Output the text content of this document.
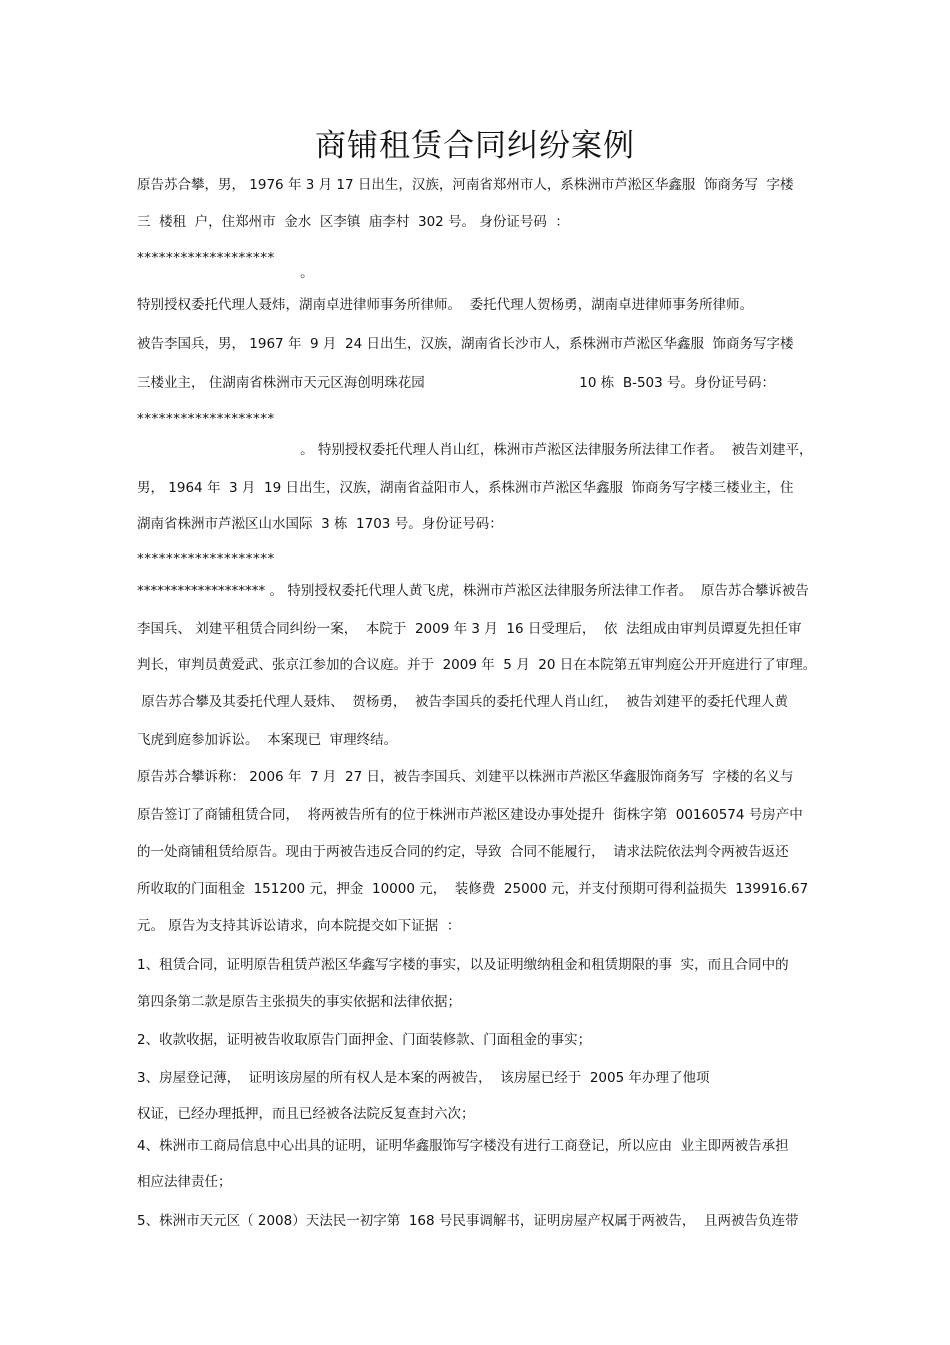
商铺租赁合同纠纷案例
原告苏合攀，男， 1976 年 3 月 17 日出生，汉族，河南省郑州市人，系株洲市芦淞区华鑫服  饰商务写  字楼
三  楼租  户，住郑州市  金水  区李镇  庙李村  302 号。 身份证号码  ：
*******************
。
特别授权委托代理人聂炜，湖南卓进律师事务所律师。  委托代理人贺杨勇，湖南卓进律师事务所律师。
被告李国兵，男， 1967 年  9 月  24 日出生，汉族，湖南省长沙市人，系株洲市芦淞区华鑫服  饰商务写字楼
三楼业主， 住湖南省株洲市天元区海创明珠花园                                    10 栋  B-503 号。身份证号码：
*******************
。 特别授权委托代理人肖山红，株洲市芦淞区法律服务所法律工作者。  被告刘建平，
男， 1964 年  3 月  19 日出生，汉族，湖南省益阳市人，系株洲市芦淞区华鑫服  饰商务写字楼三楼业主，住
湖南省株洲市芦淞区山水国际  3 栋  1703 号。身份证号码：
*******************
******************* 。 特别授权委托代理人黄飞虎，株洲市芦淞区法律服务所法律工作者。  原告苏合攀诉被告
李国兵、 刘建平租赁合同纠纷一案，  本院于  2009 年 3 月  16 日受理后，  依  法组成由审判员谭夏先担任审
判长，审判员黄爱武、张京江参加的合议庭。并于  2009 年  5 月  20 日在本院第五审判庭公开开庭进行了审理。
原告苏合攀及其委托代理人聂炜、  贺杨勇，  被告李国兵的委托代理人肖山红，  被告刘建平的委托代理人黄
飞虎到庭参加诉讼。  本案现已  审理终结。
原告苏合攀诉称： 2006 年  7 月  27 日，被告李国兵、刘建平以株洲市芦淞区华鑫服饰商务写  字楼的名义与
原告签订了商铺租赁合同，  将两被告所有的位于株洲市芦淞区建设办事处提升  街株字第  00160574 号房产中
的一处商铺租赁给原告。现由于两被告违反合同的约定，导致  合同不能履行，  请求法院依法判令两被告返还
所收取的门面租金  151200 元，押金  10000 元，  装修费  25000 元，并支付预期可得利益损失  139916.67
元。 原告为支持其诉讼请求，向本院提交如下证据  ：
1、租赁合同，证明原告租赁芦淞区华鑫写字楼的事实，以及证明缴纳租金和租赁期限的事  实，而且合同中的
第四条第二款是原告主张损失的事实依据和法律依据；
2、收款收据，证明被告收取原告门面押金、门面装修款、门面租金的事实；
3、房屋登记薄，  证明该房屋的所有权人是本案的两被告，  该房屋已经于  2005 年办理了他项
权证，已经办理抵押，而且已经被各法院反复查封六次；
4、株洲市工商局信息中心出具的证明，证明华鑫服饰写字楼没有进行工商登记，所以应由  业主即两被告承担
相应法律责任；
5、株洲市天元区（ 2008）天法民一初字第  168 号民事调解书，证明房屋产权属于两被告，  且两被告负连带
